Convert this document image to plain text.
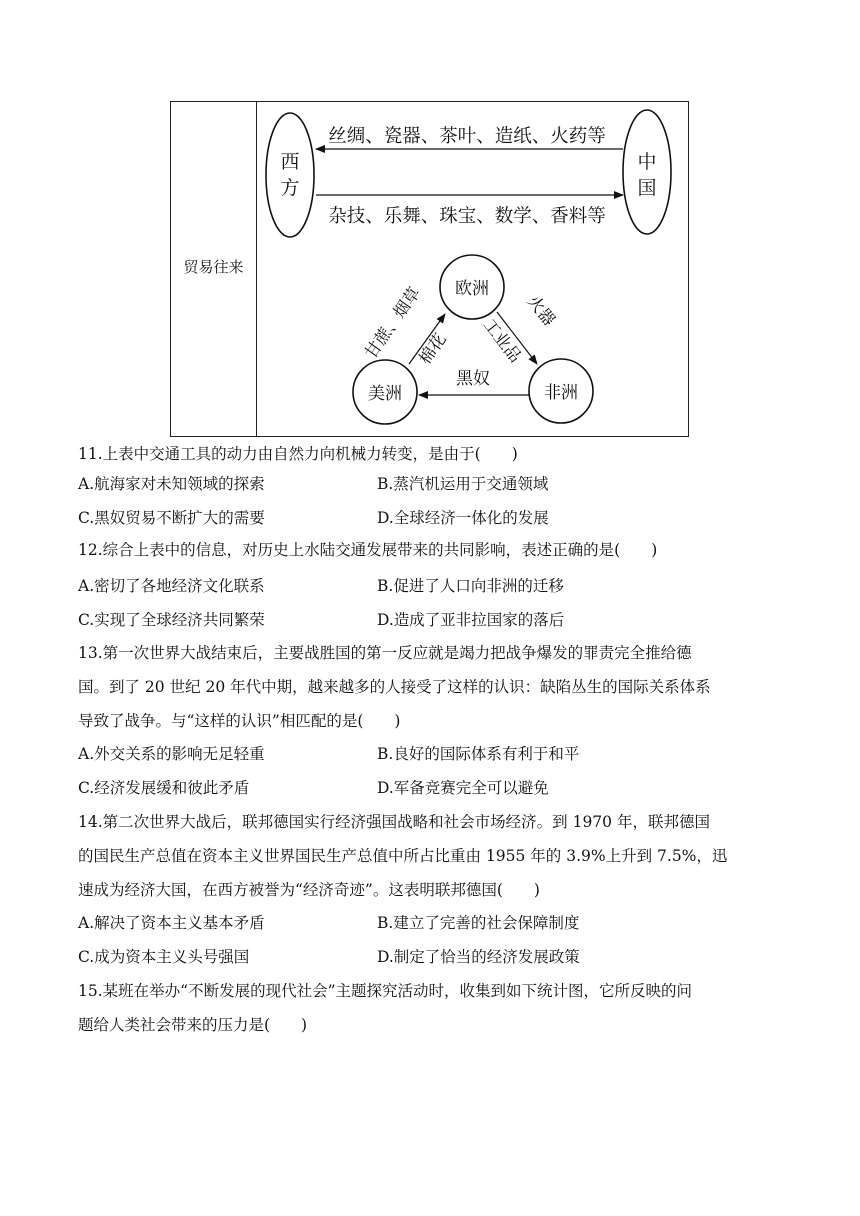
贸易往来
西
方
中
国
丝绸、瓷器、茶叶、造纸、火药等
杂技、乐舞、珠宝、数学、香料等
欧洲
美洲	非洲
甘蔗、烟草
棉花
火器
工业品
黑奴

11.上表中交通工具的动力由自然力向机械力转变，是由于(　　)

A.航海家对未知领域的探索	B.蒸汽机运用于交通领域
C.黑奴贸易不断扩大的需要	D.全球经济一体化的发展

12.综合上表中的信息，对历史上水陆交通发展带来的共同影响，表述正确的是(　　)

A.密切了各地经济文化联系	B.促进了人口向非洲的迁移
C.实现了全球经济共同繁荣	D.造成了亚非拉国家的落后

13.第一次世界大战结束后，主要战胜国的第一反应就是竭力把战争爆发的罪责完全推给德

国。到了 20 世纪 20 年代中期，越来越多的人接受了这样的认识：缺陷丛生的国际关系体系

导致了战争。与“这样的认识”相匹配的是(　　)

A.外交关系的影响无足轻重	B.良好的国际体系有利于和平
C.经济发展缓和彼此矛盾	D.军备竞赛完全可以避免

14.第二次世界大战后，联邦德国实行经济强国战略和社会市场经济。到 1970 年，联邦德国

的国民生产总值在资本主义世界国民生产总值中所占比重由 1955 年的 3.9%上升到 7.5%，迅

速成为经济大国，在西方被誉为“经济奇迹”。这表明联邦德国(　　)

A.解决了资本主义基本矛盾	B.建立了完善的社会保障制度
C.成为资本主义头号强国	D.制定了恰当的经济发展政策

15.某班在举办“不断发展的现代社会”主题探究活动时，收集到如下统计图，它所反映的问

题给人类社会带来的压力是(　　)
